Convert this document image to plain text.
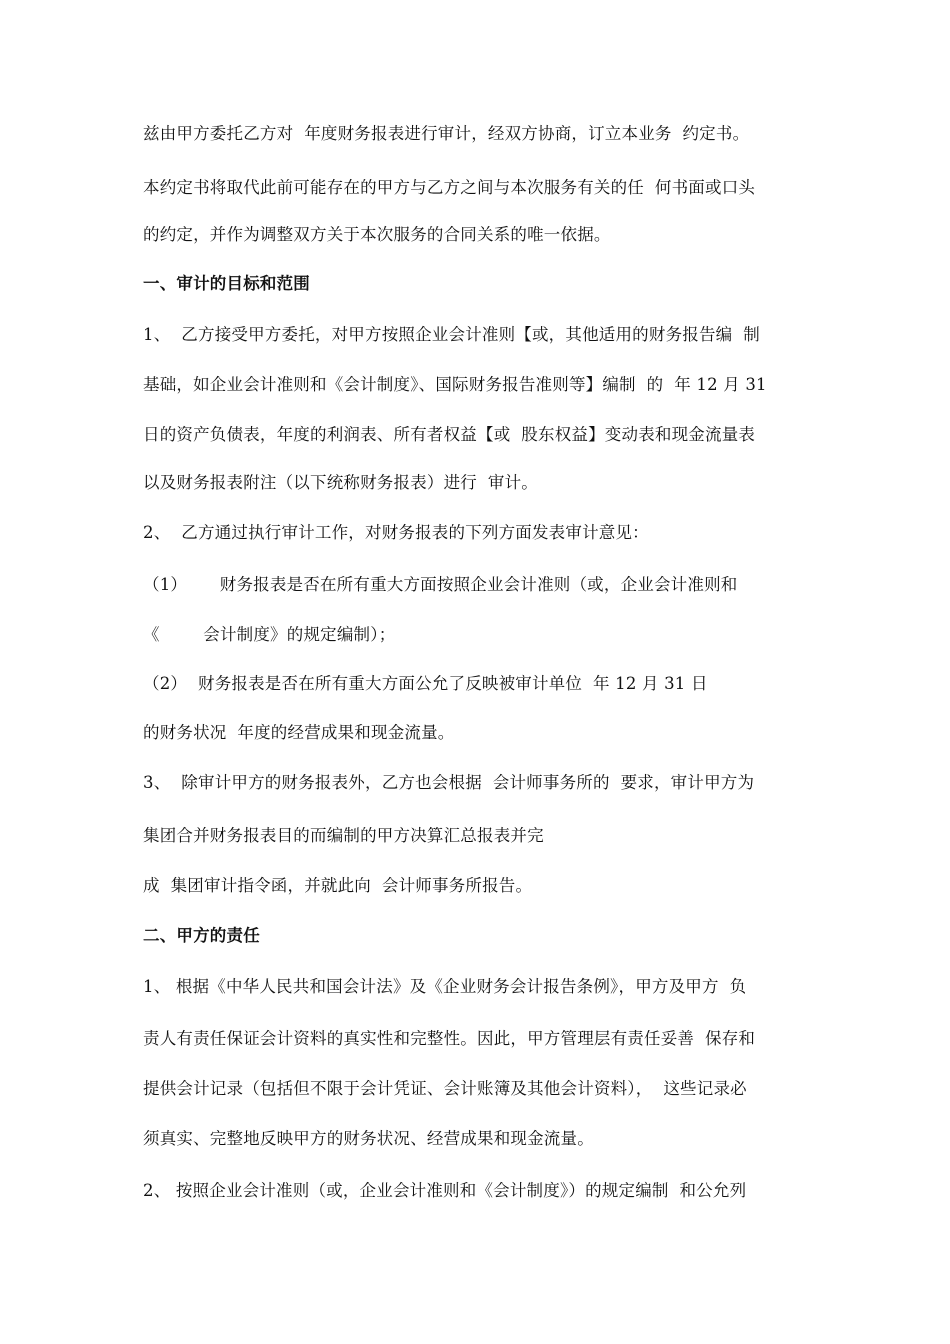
兹由甲方委托乙方对  年度财务报表进行审计，经双方协商，订立本业务  约定书。
本约定书将取代此前可能存在的甲方与乙方之间与本次服务有关的任  何书面或口头
的约定，并作为调整双方关于本次服务的合同关系的唯一依据。
一、审计的目标和范围
1、  乙方接受甲方委托，对甲方按照企业会计准则【或，其他适用的财务报告编  制
基础，如企业会计准则和《会计制度》、国际财务报告准则等】编制  的  年 12 月 31
日的资产负债表，年度的利润表、所有者权益【或  股东权益】变动表和现金流量表
以及财务报表附注（以下统称财务报表）进行  审计。
2、  乙方通过执行审计工作，对财务报表的下列方面发表审计意见：
（1）      财务报表是否在所有重大方面按照企业会计准则（或，企业会计准则和
《        会计制度》的规定编制）；
（2）  财务报表是否在所有重大方面公允了反映被审计单位  年 12 月 31 日
的财务状况  年度的经营成果和现金流量。
3、  除审计甲方的财务报表外，乙方也会根据  会计师事务所的  要求，审计甲方为
集团合并财务报表目的而编制的甲方决算汇总报表并完
成  集团审计指令函，并就此向  会计师事务所报告。
二、甲方的责任
1、 根据《中华人民共和国会计法》及《企业财务会计报告条例》，甲方及甲方  负
责人有责任保证会计资料的真实性和完整性。因此，甲方管理层有责任妥善  保存和
提供会计记录（包括但不限于会计凭证、会计账簿及其他会计资料），  这些记录必
须真实、完整地反映甲方的财务状况、经营成果和现金流量。
2、 按照企业会计准则（或，企业会计准则和《会计制度》）的规定编制  和公允列
